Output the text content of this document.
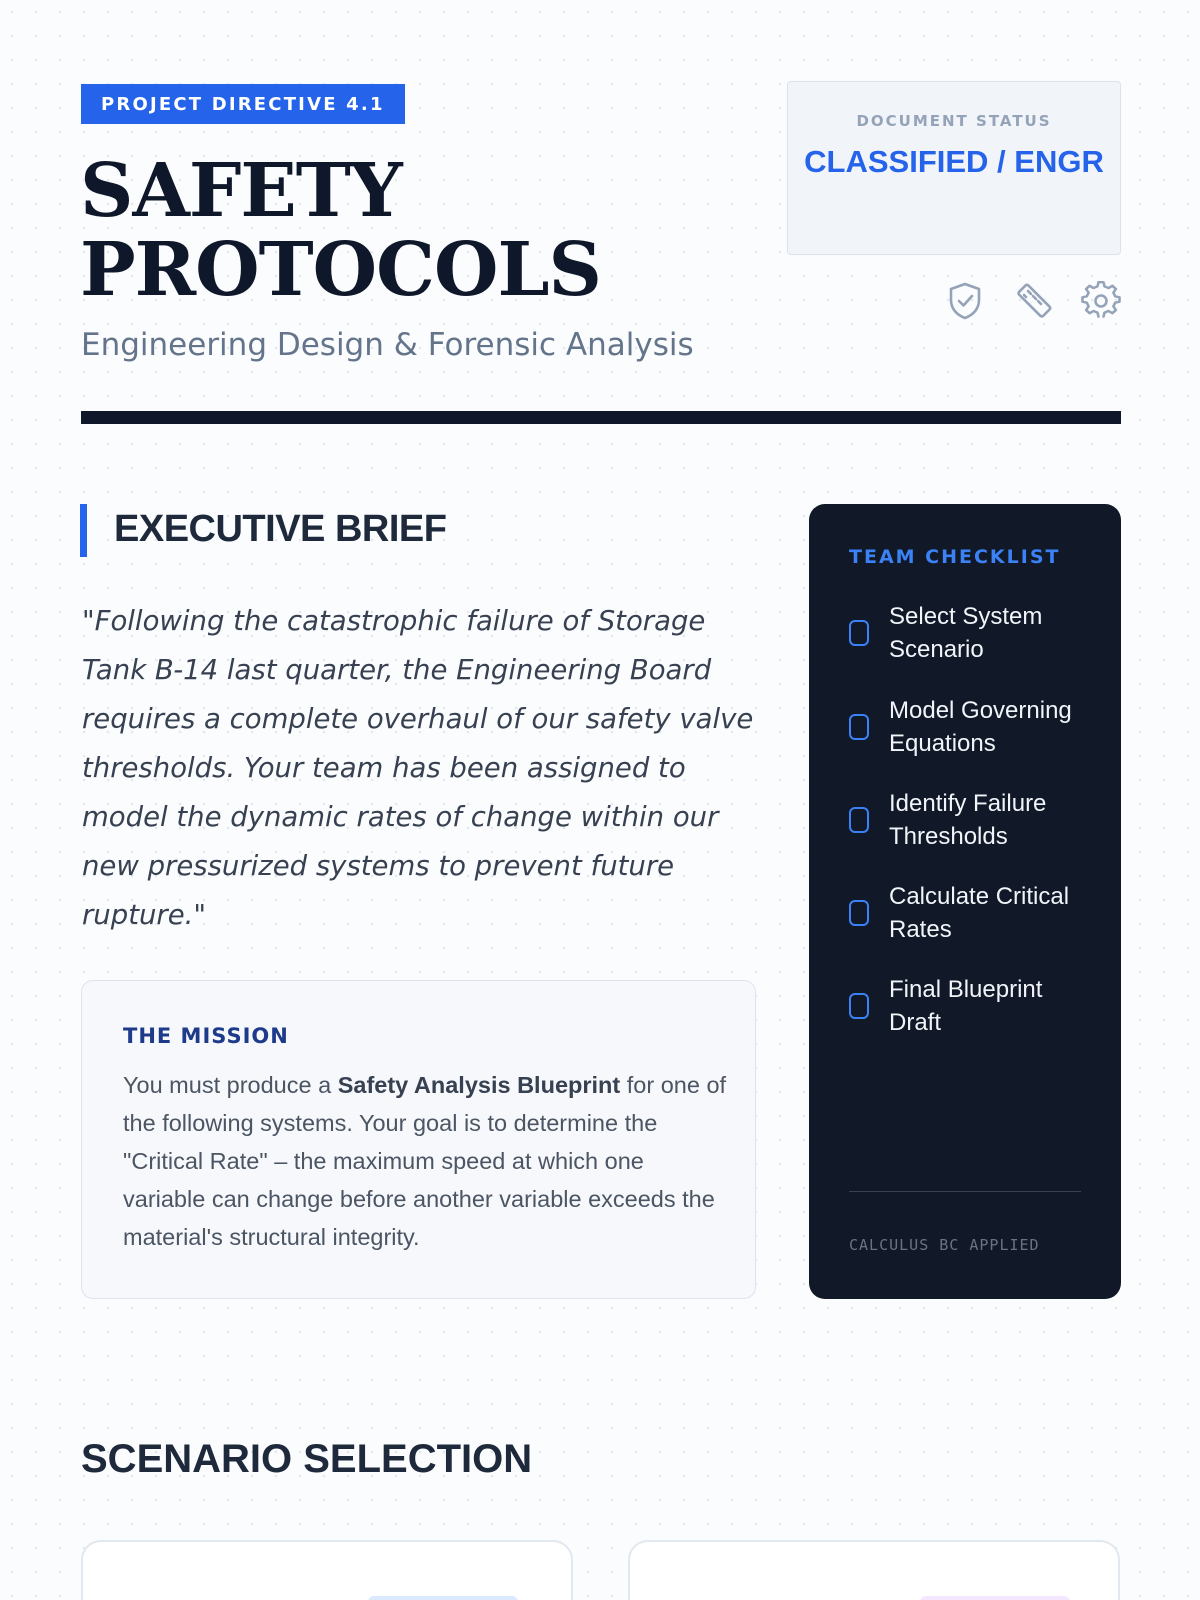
PROJECT DIRECTIVE 4.1
SAFETY
PROTOCOLS
Engineering Design & Forensic Analysis
DOCUMENT STATUS
CLASSIFIED / ENGR
EXECUTIVE BRIEF

"Following the catastrophic failure of Storage Tank B-14 last quarter, the Engineering Board requires a complete overhaul of our safety valve thresholds. Your team has been assigned to model the dynamic rates of change within our new pressurized systems to prevent future rupture."

THE MISSION

You must produce a Safety Analysis Blueprint for one of the following systems. Your goal is to determine the "Critical Rate" – the maximum speed at which one variable can change before another variable exceeds the material's structural integrity.

TEAM CHECKLIST
Select System Scenario
Model Governing Equations
Identify Failure Thresholds
Calculate Critical Rates
Final Blueprint Draft
CALCULUS BC APPLIED
SCENARIO SELECTION
